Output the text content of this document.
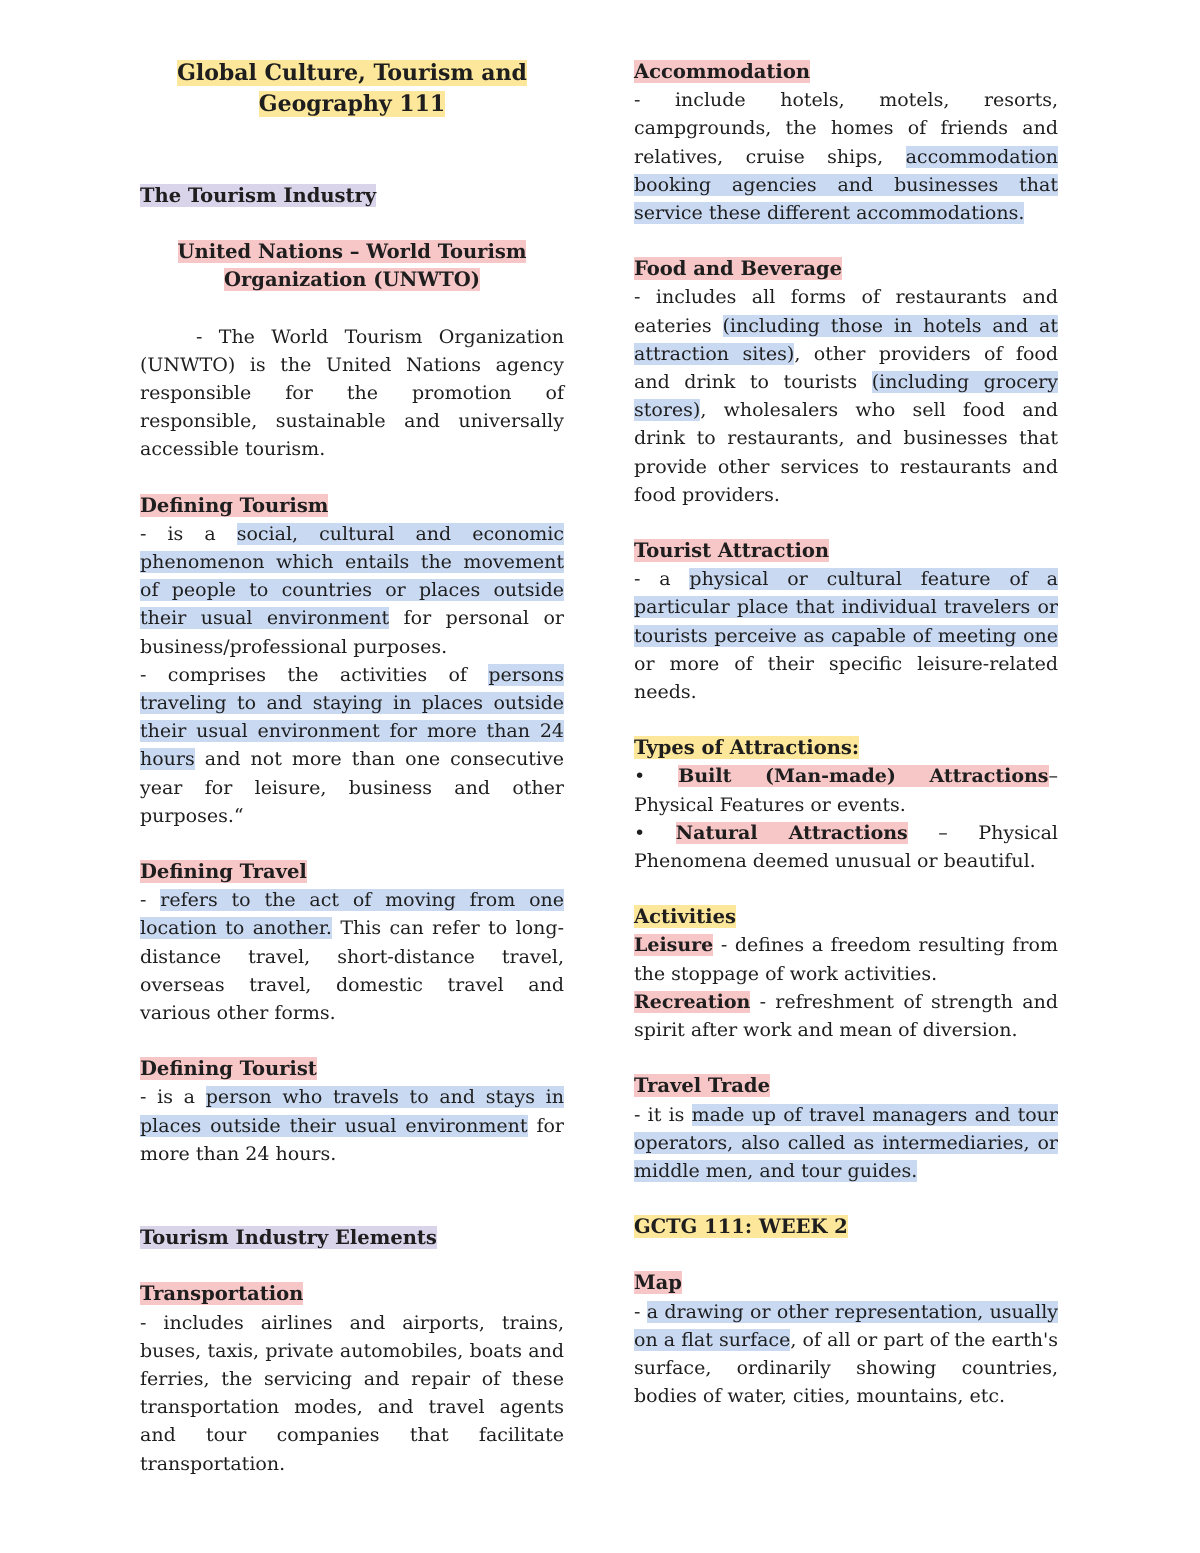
Global Culture, Tourism and Geography 111

The Tourism Industry

United Nations – World Tourism Organization (UNWTO)

- The World Tourism Organization (UNWTO) is the United Nations agency responsible for the promotion of responsible, sustainable and universally accessible tourism.

Defining Tourism

- is a social, cultural and economic phenomenon which entails the movement of people to countries or places outside their usual environment for personal or business/professional purposes.

- comprises the activities of persons traveling to and staying in places outside their usual environment for more than 24 hours and not more than one consecutive year for leisure, business and other purposes.“

Defining Travel

- refers to the act of moving from one location to another. This can refer to long-distance travel, short-distance travel, overseas travel, domestic travel and various other forms.

Defining Tourist

- is a person who travels to and stays in places outside their usual environment for more than 24 hours.

Tourism Industry Elements

Transportation

- includes airlines and airports, trains, buses, taxis, private automobiles, boats and ferries, the servicing and repair of these transportation modes, and travel agents and tour companies that facilitate transportation.

Accommodation

- include hotels, motels, resorts, campgrounds, the homes of friends and relatives, cruise ships, accommodation booking agencies and businesses that service these different accommodations.

Food and Beverage

- includes all forms of restaurants and eateries (including those in hotels and at attraction sites), other providers of food and drink to tourists (including grocery stores), wholesalers who sell food and drink to restaurants, and businesses that provide other services to restaurants and food providers.

Tourist Attraction

- a physical or cultural feature of a particular place that individual travelers or tourists perceive as capable of meeting one or more of their specific leisure-related needs.

Types of Attractions:

• Built (Man-made) Attractions– Physical Features or events.

• Natural Attractions – Physical Phenomena deemed unusual or beautiful.

Activities

Leisure - defines a freedom resulting from the stoppage of work activities.

Recreation - refreshment of strength and spirit after work and mean of diversion.

Travel Trade

- it is made up of travel managers and tour operators, also called as intermediaries, or middle men, and tour guides.

GCTG 111: WEEK 2

Map

- a drawing or other representation, usually on a flat surface, of all or part of the earth's surface, ordinarily showing countries, bodies of water, cities, mountains, etc.
